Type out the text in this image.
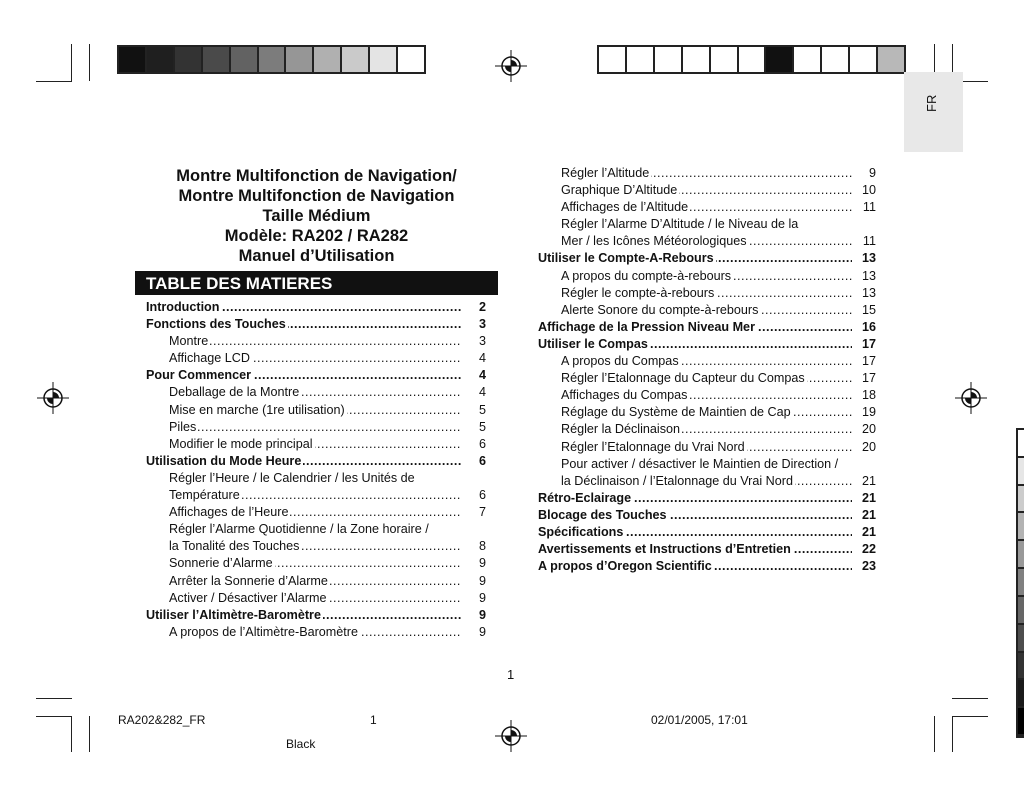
FR
Montre Multifonction de Navigation/
Montre Multifonction de Navigation
Taille Médium
Modèle: RA202 / RA282
Manuel d’Utilisation
TABLE DES MATIERES
.....
Introduction	2
.....
Fonctions des Touches	3
.....
Montre	3
.....
Affichage LCD	4
.....
Pour Commencer	4
.....
Deballage de la Montre	4
.....
Mise en marche (1re utilisation)	5
.....
Piles	5
.....
Modifier le mode principal	6
.....
Utilisation du Mode Heure	6
Régler l’Heure / le Calendrier / les Unités de
.....
Température	6
.....
Affichages de l’Heure	7
Régler l’Alarme Quotidienne / la Zone horaire /
.....
la Tonalité des Touches	8
.....
Sonnerie d’Alarme	9
.....
Arrêter la Sonnerie d’Alarme	9
.....
Activer / Désactiver l’Alarme	9
.....
Utiliser l’Altimètre-Baromètre	9
.....
A propos de l’Altimètre-Baromètre	9
.....
Régler l’Altitude	9
.....
Graphique D’Altitude	10
.....
Affichages de l’Altitude	11
Régler l’Alarme D’Altitude / le Niveau de la
.....
Mer / les Icônes Météorologiques	11
.....
Utiliser le Compte-A-Rebours	13
.....
A propos du compte-à-rebours	13
.....
Régler le compte-à-rebours	13
.....
Alerte Sonore du compte-à-rebours	15
.....
Affichage de la Pression Niveau Mer	16
.....
Utiliser le Compas	17
.....
A propos du Compas	17
.....
Régler l’Etalonnage du Capteur du Compas	17
.....
Affichages du Compas	18
.....
Réglage du Système de Maintien de Cap	19
.....
Régler la Déclinaison	20
.....
Régler l’Etalonnage du Vrai Nord	20
Pour activer / désactiver le Maintien de Direction /
.....
la Déclinaison / l’Etalonnage du Vrai Nord	21
.....
Rétro-Eclairage	21
.....
Blocage des Touches	21
.....
Spécifications	21
.....
Avertissements et Instructions d’Entretien	22
.....
A propos d’Oregon Scientific	23
1
RA202&282_FR	1	02/01/2005, 17:01
Black
